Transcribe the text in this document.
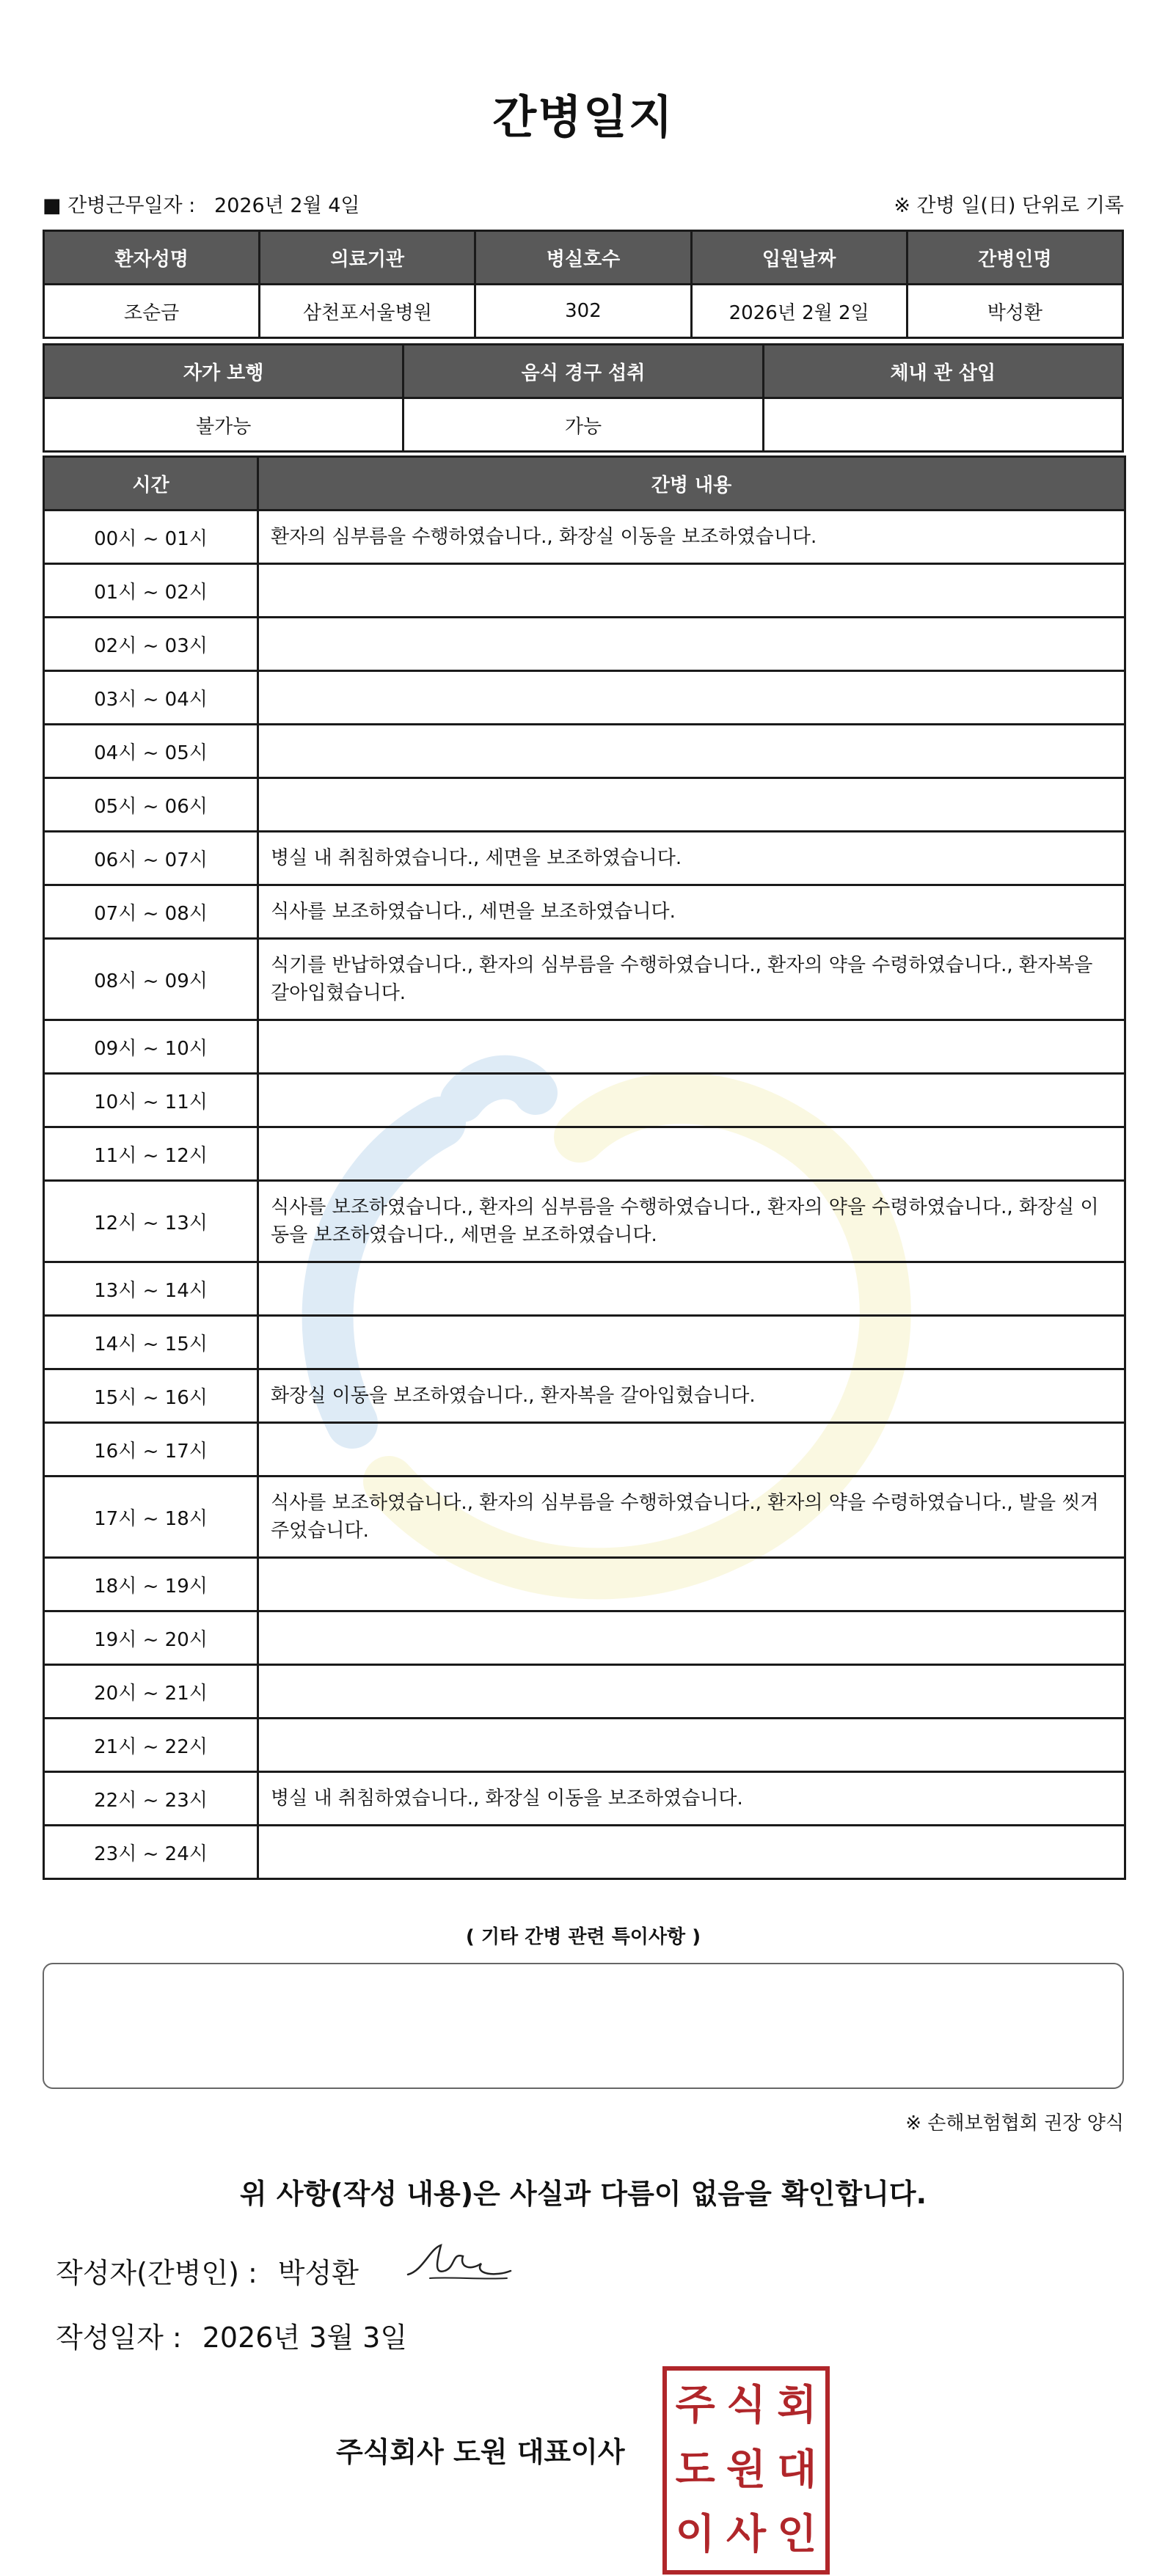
간병일지
■ 간병근무일자 : 2026년 2월 4일	※ 간병 일(日) 단위로 기록
환자성명	의료기관	병실호수	입원날짜	간병인명
조순금	삼천포서울병원	302	2026년 2월 2일	박성환
자가 보행	음식 경구 섭취	체내 관 삽입
불가능	가능	
시간	간병 내용
00시 ~ 01시	환자의 심부름을 수행하였습니다., 화장실 이동을 보조하였습니다.
01시 ~ 02시	
02시 ~ 03시	
03시 ~ 04시	
04시 ~ 05시	
05시 ~ 06시	
06시 ~ 07시	병실 내 취침하였습니다., 세면을 보조하였습니다.
07시 ~ 08시	식사를 보조하였습니다., 세면을 보조하였습니다.
08시 ~ 09시	식기를 반납하였습니다., 환자의 심부름을 수행하였습니다., 환자의 약을 수령하였습니다., 환자복을 갈아입혔습니다.
09시 ~ 10시	
10시 ~ 11시	
11시 ~ 12시	
12시 ~ 13시	식사를 보조하였습니다., 환자의 심부름을 수행하였습니다., 환자의 약을 수령하였습니다., 화장실 이동을 보조하였습니다., 세면을 보조하였습니다.
13시 ~ 14시	
14시 ~ 15시	
15시 ~ 16시	화장실 이동을 보조하였습니다., 환자복을 갈아입혔습니다.
16시 ~ 17시	
17시 ~ 18시	식사를 보조하였습니다., 환자의 심부름을 수행하였습니다., 환자의 약을 수령하였습니다., 발을 씻겨주었습니다.
18시 ~ 19시	
19시 ~ 20시	
20시 ~ 21시	
21시 ~ 22시	
22시 ~ 23시	병실 내 취침하였습니다., 화장실 이동을 보조하였습니다.
23시 ~ 24시	
( 기타 간병 관련 특이사항 )
※ 손해보험협회 권장 양식
위 사항(작성 내용)은 사실과 다름이 없음을 확인합니다.
작성자(간병인) : 박성환
작성일자 : 2026년 3월 3일
주식회사 도원 대표이사
주 식 회
도 원 대
이 사 인
